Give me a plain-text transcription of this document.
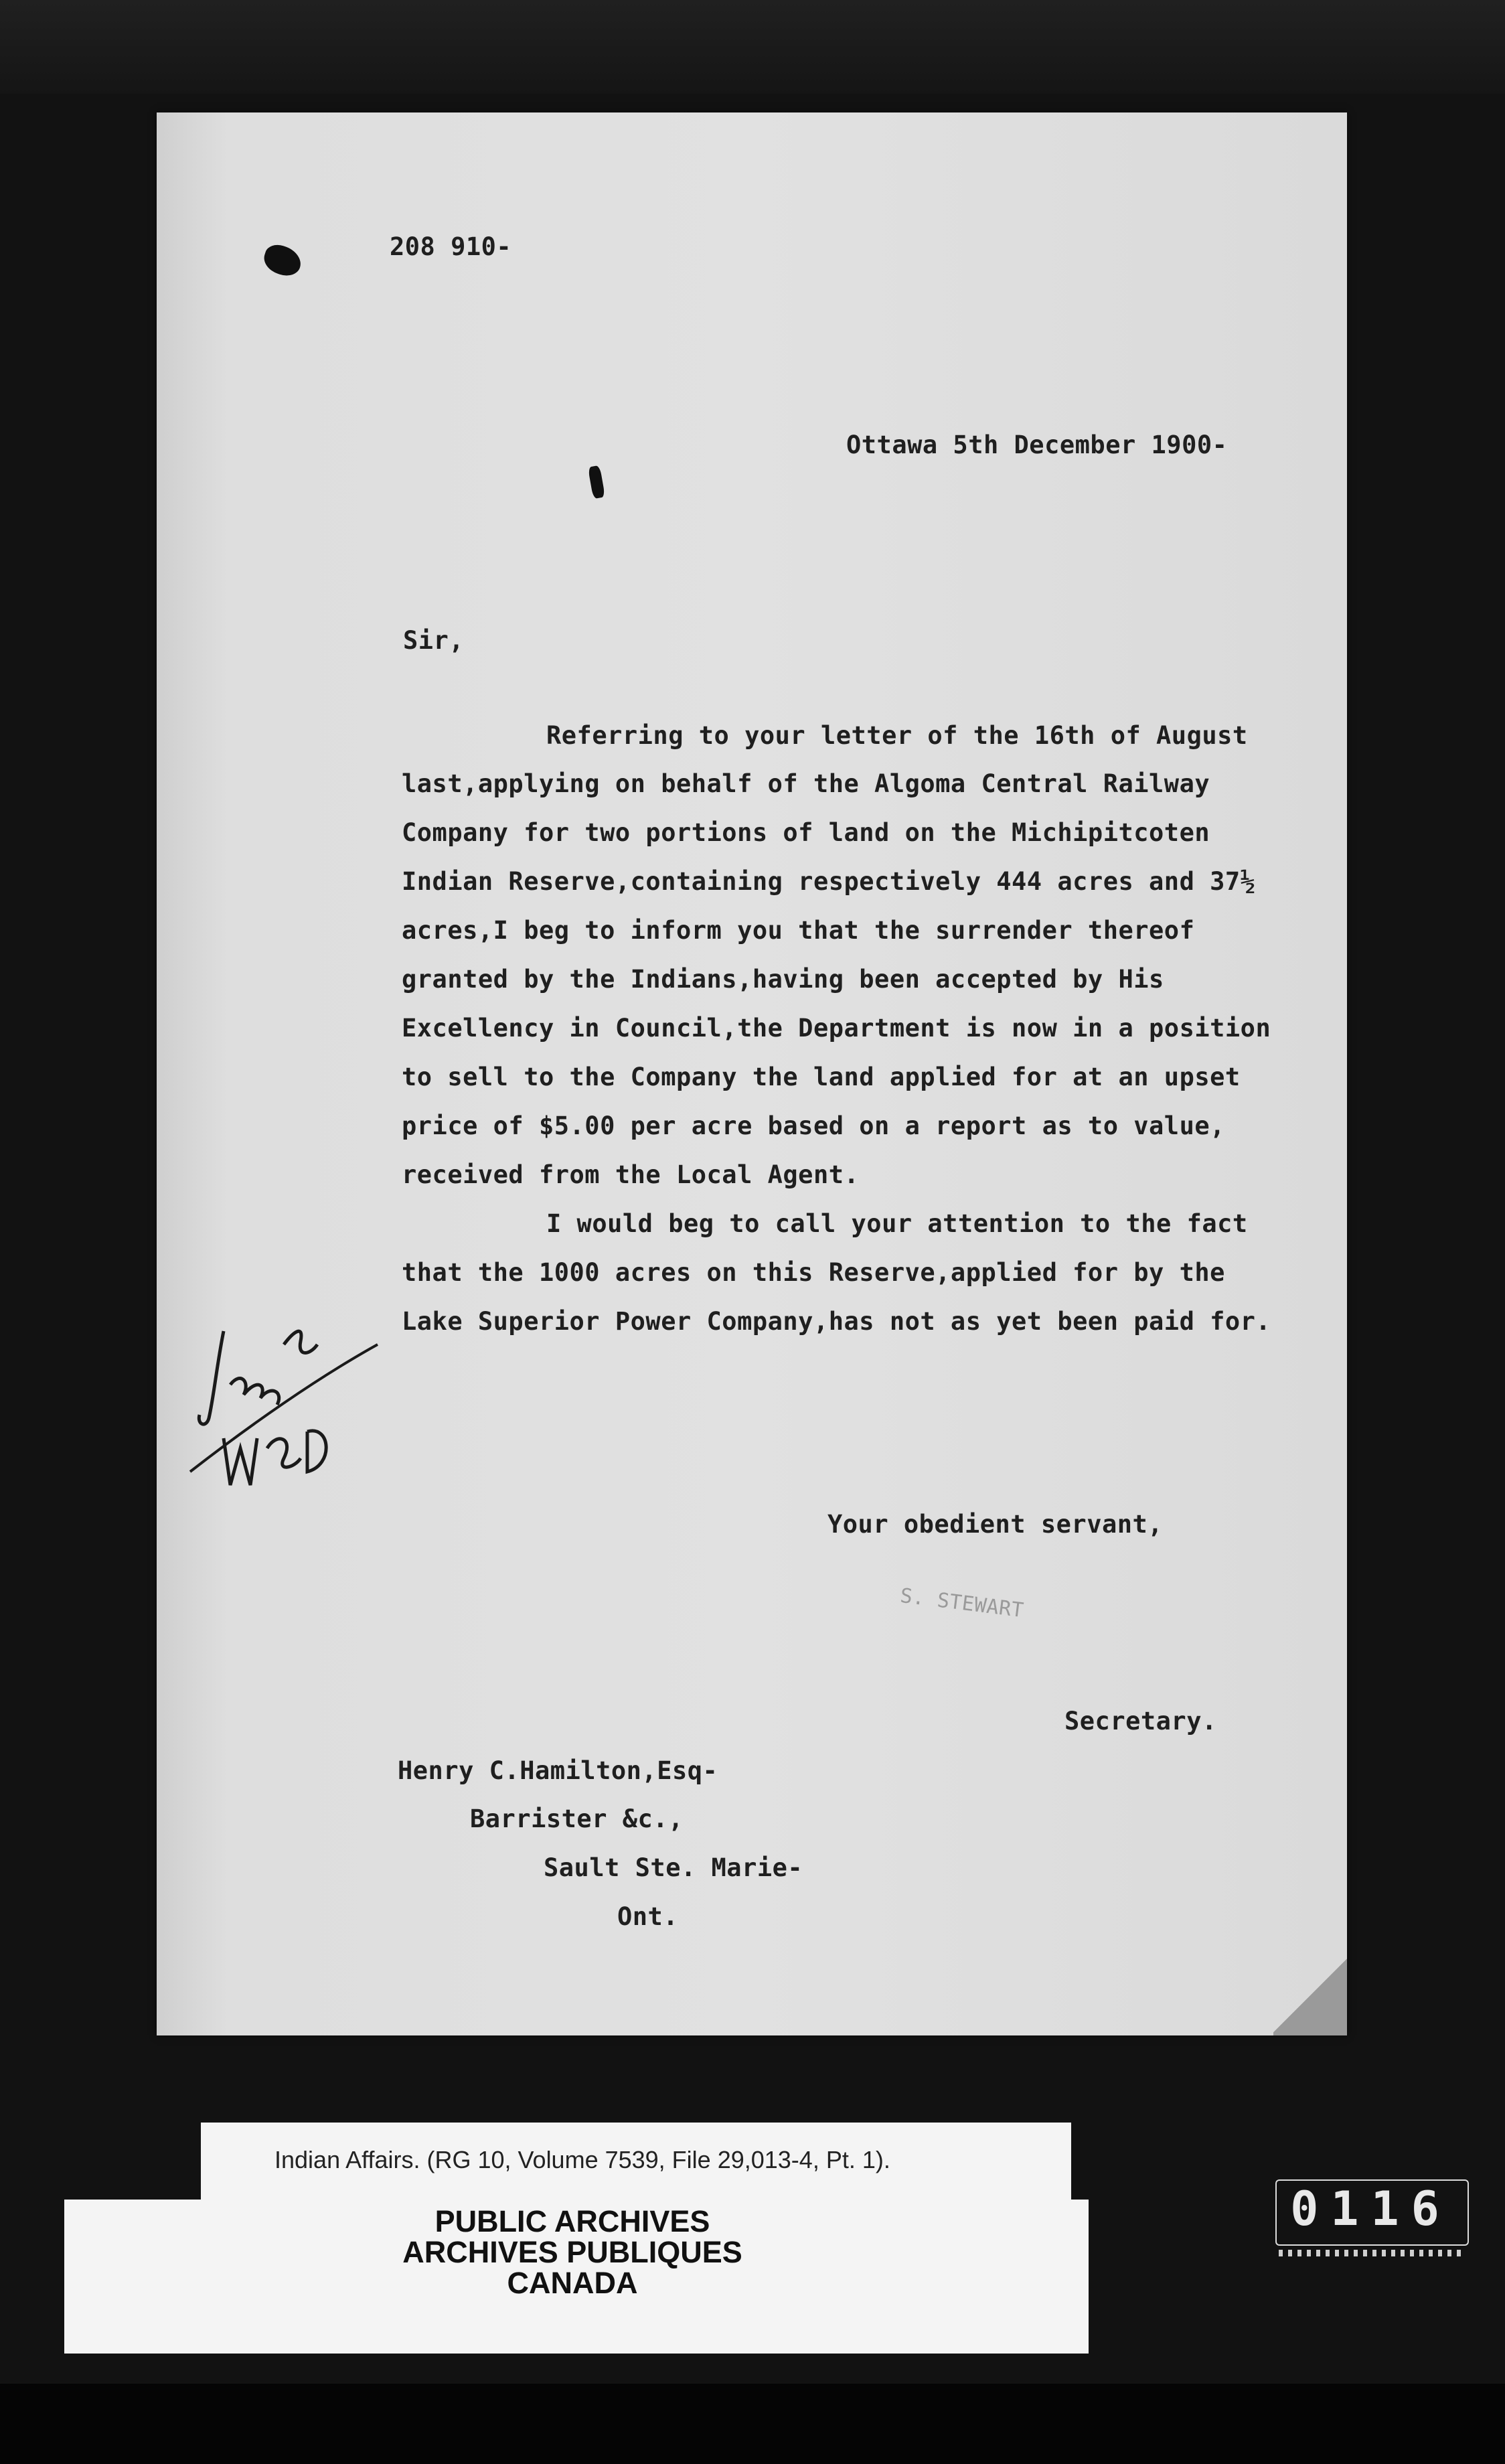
208 910-
Ottawa 5th December 1900-
Sir,
Referring to your letter of the 16th of August
last,applying on behalf of the Algoma Central Railway
Company for two portions of land on the Michipitcoten
Indian Reserve,containing respectively 444 acres and 37½
acres,I beg to inform you that the surrender thereof
granted by the Indians,having been accepted by His
Excellency in Council,the Department is now in a position
to sell to the Company the land applied for at an upset
price of $5.00 per acre based on a report as to value,
received from the Local Agent.
I would beg to call your attention to the fact
that the 1000 acres on this Reserve,applied for by the
Lake Superior Power Company,has not as yet been paid for.
Your obedient servant,
S. STEWART
Secretary.
Henry C.Hamilton,Esq-
Barrister &c.,
Sault Ste. Marie-
Ont.
Indian Affairs. (RG 10, Volume 7539, File 29,013-4, Pt. 1).
PUBLIC ARCHIVES
ARCHIVES PUBLIQUES
CANADA
0116
